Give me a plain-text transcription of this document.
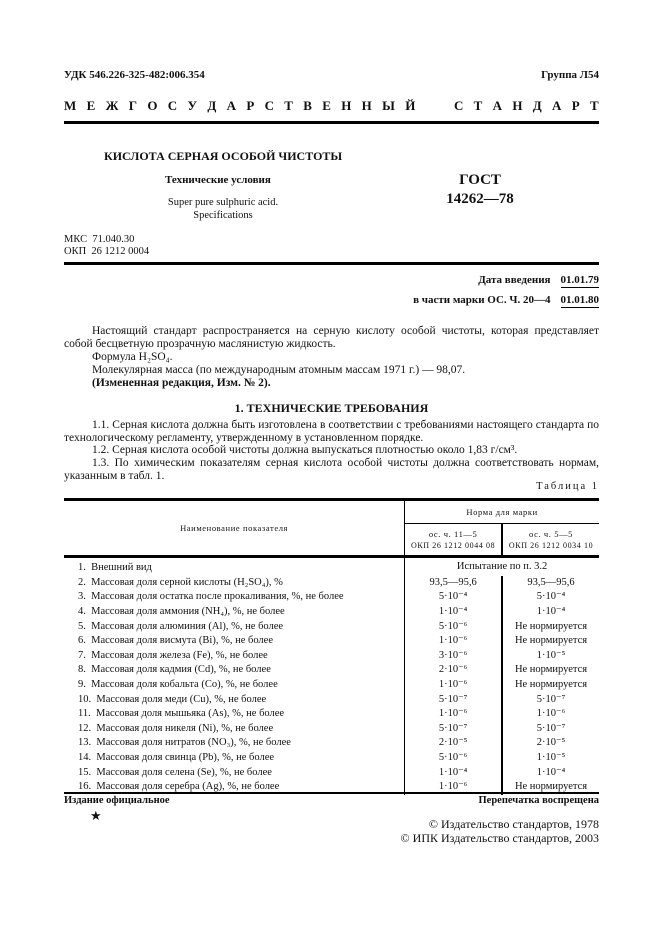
УДК 546.226-325-482:006.354	Группа Л54
М Е Ж Г О С У Д А Р С Т В Е Н Н Ы Й	С Т А Н Д А Р Т
КИСЛОТА СЕРНАЯ ОСОБОЙ ЧИСТОТЫ
Технические условия
Super pure sulphuric acid.
Specifications
ГОСТ
14262—78
МКС  71.040.30
ОКП  26 1212 0004
Дата введения 01.01.79
в части марки ОС. Ч. 20—4 01.01.80
Настоящий стандарт распространяется на серную кислоту особой чистоты, которая представляет собой бесцветную прозрачную маслянистую жидкость.
Формула H₂SO₄.
Молекулярная масса (по международным атомным массам 1971 г.) — 98,07.
(Измененная редакция, Изм. № 2).
1. ТЕХНИЧЕСКИЕ ТРЕБОВАНИЯ
1.1. Серная кислота должна быть изготовлена в соответствии с требованиями настоящего стандарта по технологическому регламенту, утвержденному в установленном порядке.
1.2. Серная кислота особой чистоты должна выпускаться плотностью около 1,83 г/см³.
1.3. По химическим показателям серная кислота особой чистоты должна соответствовать нормам, указанным в табл. 1.
Таблица 1
Наименование показателя	Норма для марки	

ос. ч. 11—5
ОКП 26 1212 0044 08

ос. ч. 5—5
ОКП 26 1212 0034 10

1.  Внешний вид	Испытание по п. 3.2	
2.  Массовая доля серной кислоты (H₂SO₄), %	93,5—95,6	93,5—95,6
3.  Массовая доля остатка после прокаливания, %, не более	5·10⁻⁴	5·10⁻⁴
4.  Массовая доля аммония (NH₄), %, не более	1·10⁻⁴	1·10⁻⁴
5.  Массовая доля алюминия (Al), %, не более	5·10⁻⁶	Не нормируется
6.  Массовая доля висмута (Bi), %, не более	1·10⁻⁶	Не нормируется
7.  Массовая доля железа (Fe), %, не более	3·10⁻⁶	1·10⁻⁵
8.  Массовая доля кадмия (Cd), %, не более	2·10⁻⁶	Не нормируется
9.  Массовая доля кобальта (Co), %, не более	1·10⁻⁶	Не нормируется
10.  Массовая доля меди (Cu), %, не более	5·10⁻⁷	5·10⁻⁷
11.  Массовая доля мышьяка (As), %, не более	1·10⁻⁶	1·10⁻⁶
12.  Массовая доля никеля (Ni), %, не более	5·10⁻⁷	5·10⁻⁷
13.  Массовая доля нитратов (NO₃), %, не более	2·10⁻⁵	2·10⁻⁵
14.  Массовая доля свинца (Pb), %, не более	5·10⁻⁶	1·10⁻⁵
15.  Массовая доля селена (Se), %, не более	1·10⁻⁴	1·10⁻⁴
16.  Массовая доля серебра (Ag), %, не более	1·10⁻⁶	Не нормируется
Издание официальное
★
Перепечатка воспрещена
© Издательство стандартов, 1978
© ИПК Издательство стандартов, 2003
